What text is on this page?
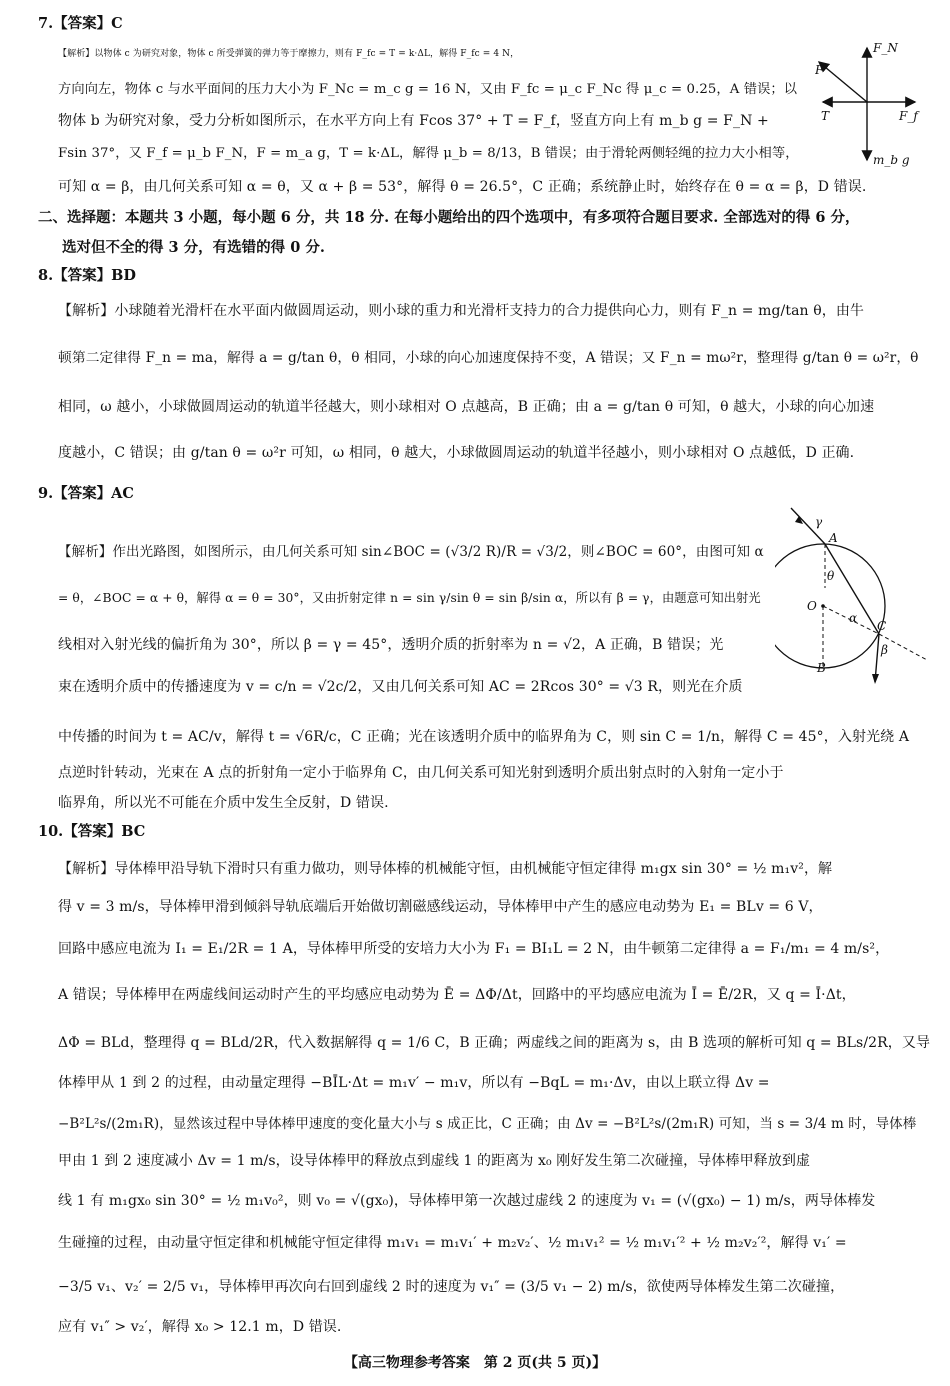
7.【答案】C
【解析】以物体 c 为研究对象，物体 c 所受弹簧的弹力等于摩擦力，则有 F_fc = T = k·ΔL，解得 F_fc = 4 N，
方向向左，物体 c 与水平面间的压力大小为 F_Nc = m_c g = 16 N，又由 F_fc = μ_c F_Nc 得 μ_c = 0.25，A 错误；以
物体 b 为研究对象，受力分析如图所示，在水平方向上有 Fcos 37° + T = F_f，竖直方向上有 m_b g = F_N +
Fsin 37°，又 F_f = μ_b F_N，F = m_a g，T = k·ΔL，解得 μ_b = 8/13，B 错误；由于滑轮两侧轻绳的拉力大小相等，
可知 α = β，由几何关系可知 α = θ，又 α + β = 53°，解得 θ = 26.5°，C 正确；系统静止时，始终存在 θ = α = β，D 错误.
F_N
F
T	F_f
m_b g
二、选择题：本题共 3 小题，每小题 6 分，共 18 分. 在每小题给出的四个选项中，有多项符合题目要求. 全部选对的得 6 分，
选对但不全的得 3 分，有选错的得 0 分.
8.【答案】BD
【解析】小球随着光滑杆在水平面内做圆周运动，则小球的重力和光滑杆支持力的合力提供向心力，则有 F_n = mg/tan θ，由牛
顿第二定律得 F_n = ma，解得 a = g/tan θ，θ 相同，小球的向心加速度保持不变，A 错误；又 F_n = mω²r，整理得 g/tan θ = ω²r，θ
相同，ω 越小，小球做圆周运动的轨道半径越大，则小球相对 O 点越高，B 正确；由 a = g/tan θ 可知，θ 越大，小球的向心加速
度越小，C 错误；由 g/tan θ = ω²r 可知，ω 相同，θ 越大，小球做圆周运动的轨道半径越小，则小球相对 O 点越低，D 正确.
9.【答案】AC
【解析】作出光路图，如图所示，由几何关系可知 sin∠BOC = (√3/2 R)/R = √3/2，则∠BOC = 60°，由图可知 α
= θ，∠BOC = α + θ，解得 α = θ = 30°，又由折射定律 n = sin γ/sin θ = sin β/sin α，所以有 β = γ，由题意可知出射光
线相对入射光线的偏折角为 30°，所以 β = γ = 45°，透明介质的折射率为 n = √2，A 正确，B 错误；光
束在透明介质中的传播速度为 v = c/n = √2c/2，又由几何关系可知 AC = 2Rcos 30° = √3 R，则光在介质
中传播的时间为 t = AC/v，解得 t = √6R/c，C 正确；光在该透明介质中的临界角为 C，则 sin C = 1/n，解得 C = 45°，入射光绕 A
点逆时针转动，光束在 A 点的折射角一定小于临界角 C，由几何关系可知光射到透明介质出射点时的入射角一定小于
临界角，所以光不可能在介质中发生全反射，D 错误.
γ
A
θ
O
α
C
β
B
10.【答案】BC
【解析】导体棒甲沿导轨下滑时只有重力做功，则导体棒的机械能守恒，由机械能守恒定律得 m₁gx sin 30° = ½ m₁v²，解
得 v = 3 m/s，导体棒甲滑到倾斜导轨底端后开始做切割磁感线运动，导体棒甲中产生的感应电动势为 E₁ = BLv = 6 V，
回路中感应电流为 I₁ = E₁/2R = 1 A，导体棒甲所受的安培力大小为 F₁ = BI₁L = 2 N，由牛顿第二定律得 a = F₁/m₁ = 4 m/s²，
A 错误；导体棒甲在两虚线间运动时产生的平均感应电动势为 Ē = ΔΦ/Δt，回路中的平均感应电流为 Ī = Ē/2R，又 q = Ī·Δt，
ΔΦ = BLd，整理得 q = BLd/2R，代入数据解得 q = 1/6 C，B 正确；两虚线之间的距离为 s，由 B 选项的解析可知 q = BLs/2R，又导
体棒甲从 1 到 2 的过程，由动量定理得 −BĪL·Δt = m₁v′ − m₁v，所以有 −BqL = m₁·Δv，由以上联立得 Δv =
−B²L²s/(2m₁R)，显然该过程中导体棒甲速度的变化量大小与 s 成正比，C 正确；由 Δv = −B²L²s/(2m₁R) 可知，当 s = 3/4 m 时，导体棒
甲由 1 到 2 速度减小 Δv = 1 m/s，设导体棒甲的释放点到虚线 1 的距离为 x₀ 刚好发生第二次碰撞，导体棒甲释放到虚
线 1 有 m₁gx₀ sin 30° = ½ m₁v₀²，则 v₀ = √(gx₀)，导体棒甲第一次越过虚线 2 的速度为 v₁ = (√(gx₀) − 1) m/s，两导体棒发
生碰撞的过程，由动量守恒定律和机械能守恒定律得 m₁v₁ = m₁v₁′ + m₂v₂′、½ m₁v₁² = ½ m₁v₁′² + ½ m₂v₂′²，解得 v₁′ =
−3/5 v₁、v₂′ = 2/5 v₁，导体棒甲再次向右回到虚线 2 时的速度为 v₁″ = (3/5 v₁ − 2) m/s，欲使两导体棒发生第二次碰撞，
应有 v₁″ > v₂′，解得 x₀ > 12.1 m，D 错误.
【高三物理参考答案　第 2 页(共 5 页)】
